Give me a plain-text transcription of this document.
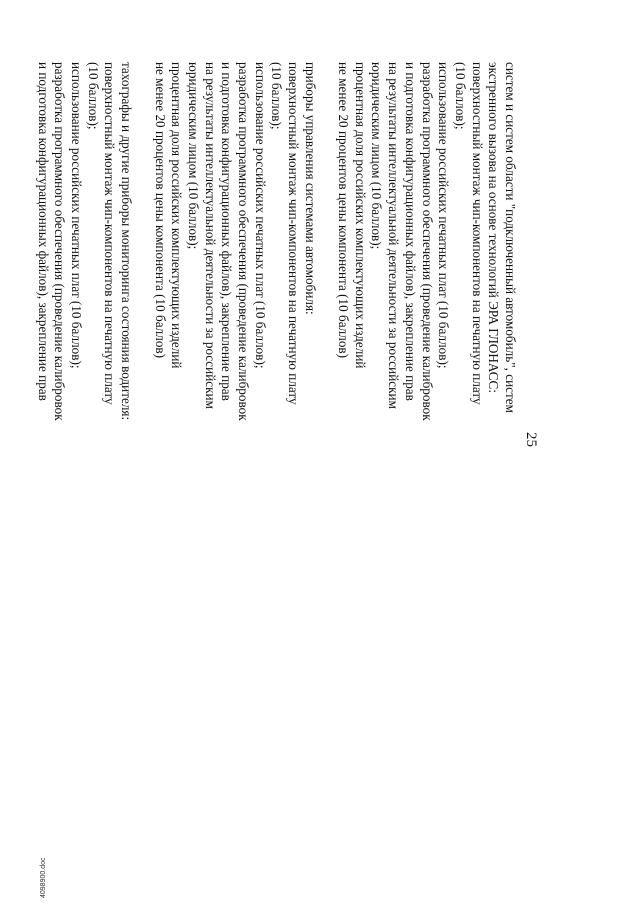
25
систем и систем области "подключенный автомобиль", систем
экстренного вызова на основе технологий ЭРА ГЛОНАСС:
поверхностный монтаж чип-компонентов на печатную плату
(10 баллов);
использование российских печатных плат (10 баллов);
разработка программного обеспечения (проведение калибровок
и подготовка конфигурационных файлов), закрепление прав
на результаты интеллектуальной деятельности за российским
юридическим лицом (10 баллов);
процентная доля российских комплектующих изделий
не менее 20 процентов цены компонента (10 баллов)
приборы управления системами автомобиля:
поверхностный монтаж чип-компонентов на печатную плату
(10 баллов);
использование российских печатных плат (10 баллов);
разработка программного обеспечения (проведение калибровок
и подготовка конфигурационных файлов), закрепление прав
на результаты интеллектуальной деятельности за российским
юридическим лицом (10 баллов);
процентная доля российских комплектующих изделий
не менее 20 процентов цены компонента (10 баллов)
тахографы и другие приборы мониторинга состояния водителя:
поверхностный монтаж чип-компонентов на печатную плату
(10 баллов);
использование российских печатных плат (10 баллов);
разработка программного обеспечения (проведение калибровок
и подготовка конфигурационных файлов), закрепление прав
4098900.doc
